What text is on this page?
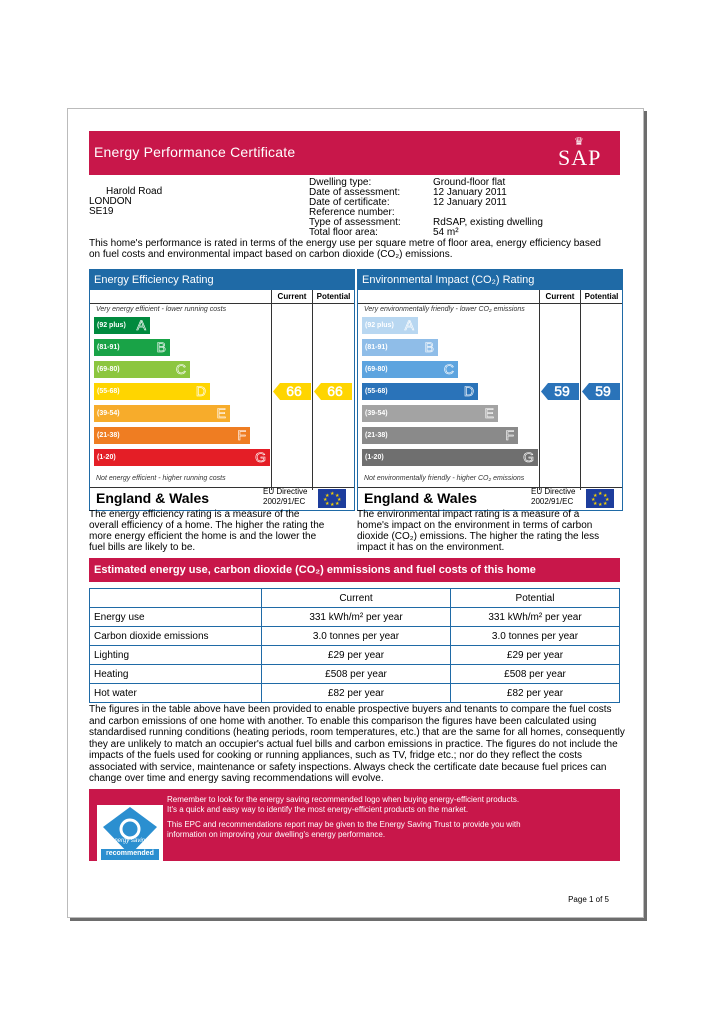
Energy Performance Certificate
♛
SAP
Harold Road
LONDON
SE19
Dwelling type:	Ground-floor flat
Date of assessment:	12 January 2011
Date of certificate:	12 January 2011
Reference number:
Type of assessment:	RdSAP, existing dwelling
Total floor area:	54 m²
This home's performance is rated in terms of the energy use per square metre of floor area, energy efficiency based on fuel costs and environmental impact based on carbon dioxide (CO₂) emissions.
Energy Efficiency Rating
Current	Potential
Very energy efficient - lower running costs
(92 plus) A
(81-91)	B
(69-80)	C
(55-68)	D
(39-54)	E
(21-38)	F
(1-20)	G
Not energy efficient - higher running costs
66	66
England & Wales	EU Directive 2002/91/EC
★ ★
★
★
★
★
★
★
Environmental Impact (CO₂) Rating
Current	Potential
Very environmentally friendly - lower CO₂ emissions
(92 plus) A
(81-91)	B
(69-80)	C
(55-68)	D
(39-54)	E
(21-38)	F
(1-20)	G
Not environmentally friendly - higher CO₂ emissions
59	59
England & Wales	EU Directive 2002/91/EC
★ ★
★
★
★
★
★
★
The energy efficiency rating is a measure of the overall efficiency of a home. The higher the rating the more energy efficient the home is and the lower the fuel bills are likely to be.
The environmental impact rating is a measure of a home's impact on the environment in terms of carbon dioxide (CO₂) emissions. The higher the rating the less impact it has on the environment.
Estimated energy use, carbon dioxide (CO₂) emmissions and fuel costs of this home
	Current	Potential
Energy use	331 kWh/m² per year	331 kWh/m² per year
Carbon dioxide emissions	3.0 tonnes per year	3.0 tonnes per year
Lighting	£29 per year	£29 per year
Heating	£508 per year	£508 per year
Hot water	£82 per year	£82 per year
The figures in the table above have been provided to enable prospective buyers and tenants to compare the fuel costs and carbon emissions of one home with another. To enable this comparison the figures have been calculated using standardised running conditions (heating periods, room temperatures, etc.) that are the same for all homes, consequently they are unlikely to match an occupier's actual fuel bills and carbon emissions in practice. The figures do not include the impacts of the fuels used for cooking or running appliances, such as TV, fridge etc.; nor do they reflect the costs associated with service, maintenance or safety inspections. Always check the certificate date because fuel prices can change over time and energy saving recommendations will evolve.
energy saving
recommended
Remember to look for the energy saving recommended logo when buying energy-efficient products.
It's a quick and easy way to identify the most energy-efficient products on the market.
This EPC and recommendations report may be given to the Energy Saving Trust to provide you with
information on improving your dwelling's energy performance.
Page 1 of 5
